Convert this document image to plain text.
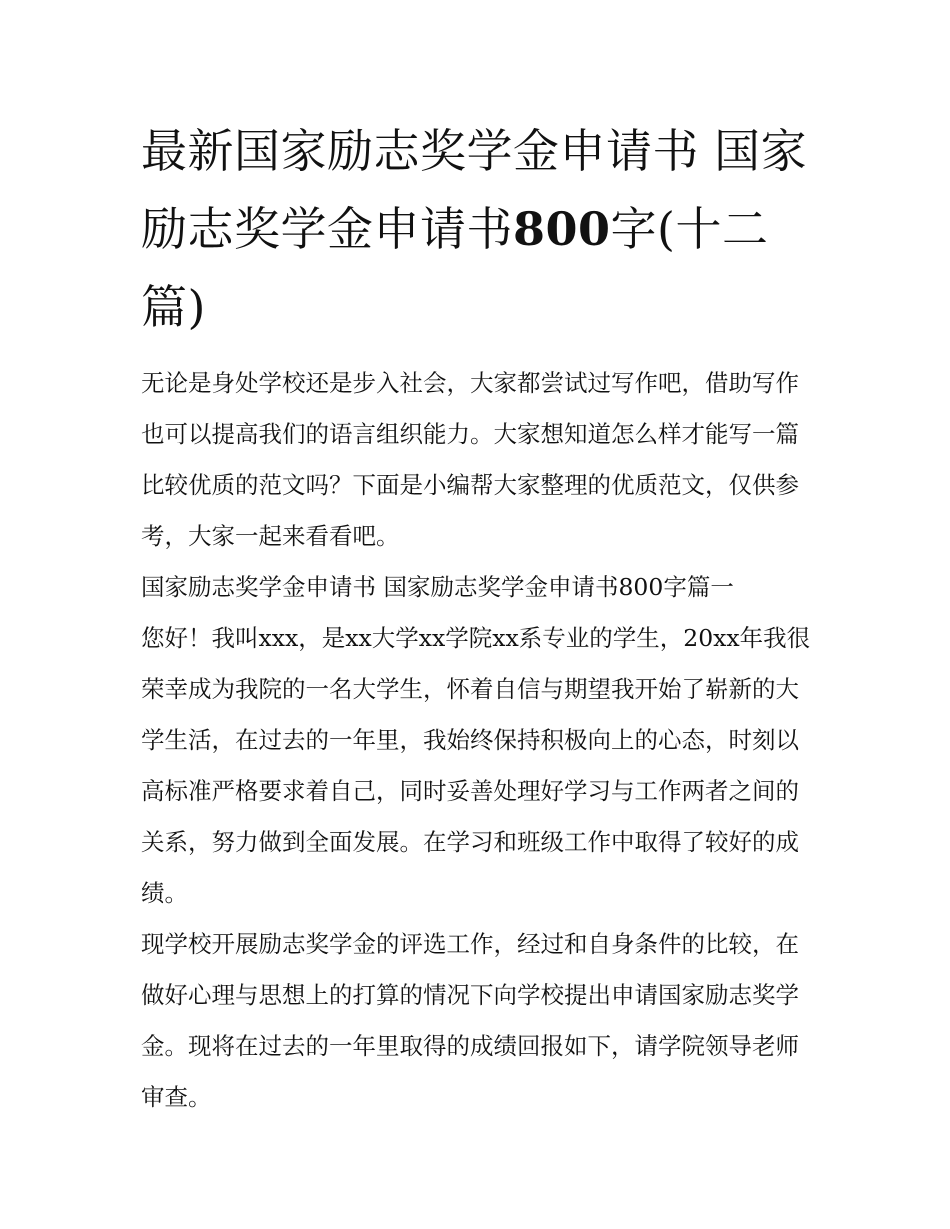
最新国家励志奖学金申请书 国家励志奖学金申请书800字(十二篇)

无论是身处学校还是步入社会，大家都尝试过写作吧，借助写作也可以提高我们的语言组织能力。大家想知道怎么样才能写一篇比较优质的范文吗？下面是小编帮大家整理的优质范文，仅供参考，大家一起来看看吧。

国家励志奖学金申请书 国家励志奖学金申请书800字篇一

您好！我叫xxx，是xx大学xx学院xx系专业的学生，20xx年我很荣幸成为我院的一名大学生，怀着自信与期望我开始了崭新的大学生活，在过去的一年里，我始终保持积极向上的心态，时刻以高标准严格要求着自己，同时妥善处理好学习与工作两者之间的关系，努力做到全面发展。在学习和班级工作中取得了较好的成绩。

现学校开展励志奖学金的评选工作，经过和自身条件的比较，在做好心理与思想上的打算的情况下向学校提出申请国家励志奖学金。现将在过去的一年里取得的成绩回报如下，请学院领导老师审查。
